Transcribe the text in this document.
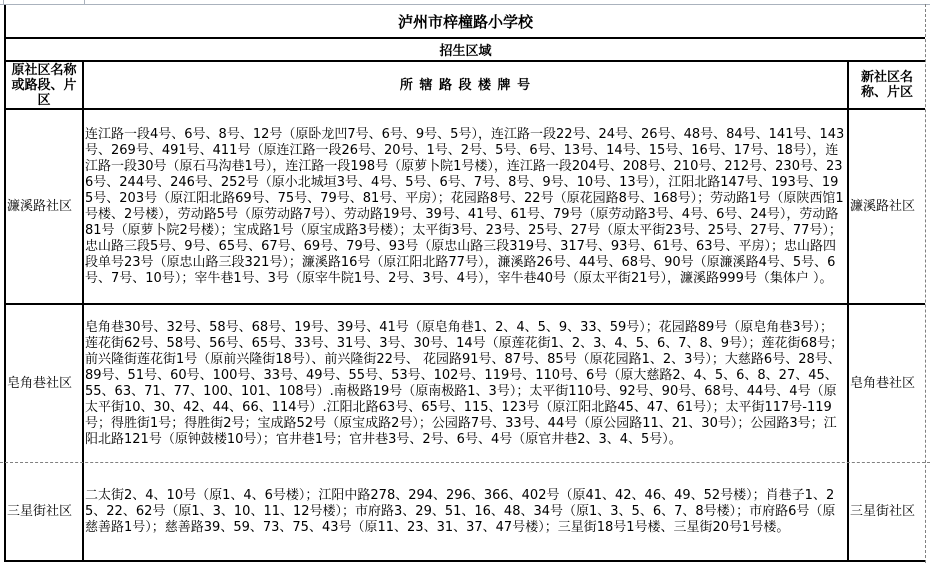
泸州市梓橦路小学校
招生区域
原社区名称或路段、片区
所 辖 路 段 楼 牌 号	新社区名称、片区
濂溪路社区
连江路一段4号、6号、8号、12号（原卧龙凹7号、6号、9号、5号），连江路一段22号、24号、26号、48号、84号、141号、143号、269号、491号、411号（原连江路一段26号、20号、1号、2号、5号、6号、13号、14号、15号、16号、17号、18号），连江路一段30号（原石马沟巷1号），连江路一段198号（原萝卜院1号楼），连江路一段204号、208号、210号、212号、230号、236号、244号、246号、252号（原小北城垣3号、4号、5号、6号、7号、8号、9号、10号、13号），江阳北路147号、193号、195号、203号（原江阳北路69号、75号、79号、81号、平房）；花园路8号、22号（原花园路8号、168号）；劳动路1号（原陕西馆1号楼、2号楼），劳动路5号（原劳动路7号）、劳动路19号、39号、41号、61号、79号（原劳动路3号、4号、6号、24号），劳动路81号（原萝卜院2号楼）；宝成路1号（原宝成路3号楼）；太平街3号、23号、25号、27号（原太平街23号、25号、27号、77号）；忠山路三段5号、9号、65号、67号、69号、79号、93号（原忠山路三段319号、317号、93号、61号、63号、平房）；忠山路四段单号23号（原忠山路三段321号）；濂溪路16号（原江阳北路77号），濂溪路26号、44号、68号、90号（原濂溪路4号、5号、6号、7号、10号）；宰牛巷1号、3号（原宰牛院1号、2号、3号、4号），宰牛巷40号（原太平街21号），濂溪路999号（集体户 ）。
濂溪路社区
皂角巷社区
皂角巷30号、32号、58号、68号、19号、39号、41号（原皂角巷1、2、4、5、9、33、59号）；花园路89号（原皂角巷3号）；莲花街62号、58号、56号、65号、33号、31号、3号、30号、14号（原莲花街1、2、3、4、5、6、7、8、9号）；莲花街68号；前兴隆街莲花街1号（原前兴隆街18号）、前兴隆街22号、 花园路91号、87号、85号（原花园路1、2、3号）；大慈路6号、28号、89号、51号、60号、100号、33号、49号、55号、53号、102号、119号、110号、6号（原大慈路2、4、5、6、8、27、45、55、63、71、77、100、101、108号）.南极路19号（原南极路1、3号）；太平街110号、92号、90号、68号、44号、4号（原太平街10、30、42、44、66、114号）.江阳北路63号、65号、115、123号（原江阳北路45、47、61号）；太平街117号-119号；得胜街1号；得胜街2号；宝成路52号（原宝成路2号）；公园路7号、33号、44号（原公园路11、21、30号）；公园路3号；江阳北路121号（原钟鼓楼10号）；官井巷1号；官井巷3号、2号、6号、4号（原官井巷2、3、4、5号）。
皂角巷社区
三星街社区
二太街2、4、10号（原1、4、6号楼）；江阳中路278、294、296、366、402号（原41、42、46、49、52号楼）；肖巷子1、25、22、62号（原1、3、10、11、12号楼）；市府路3、29、51、16、48、34号（原1、3、5、6、7、8号楼）；市府路6号（原慈善路1号）；慈善路39、59、73、75、43号（原11、23、31、37、47号楼）；三星街18号1号楼、三星街20号1号楼。
三星街社区
